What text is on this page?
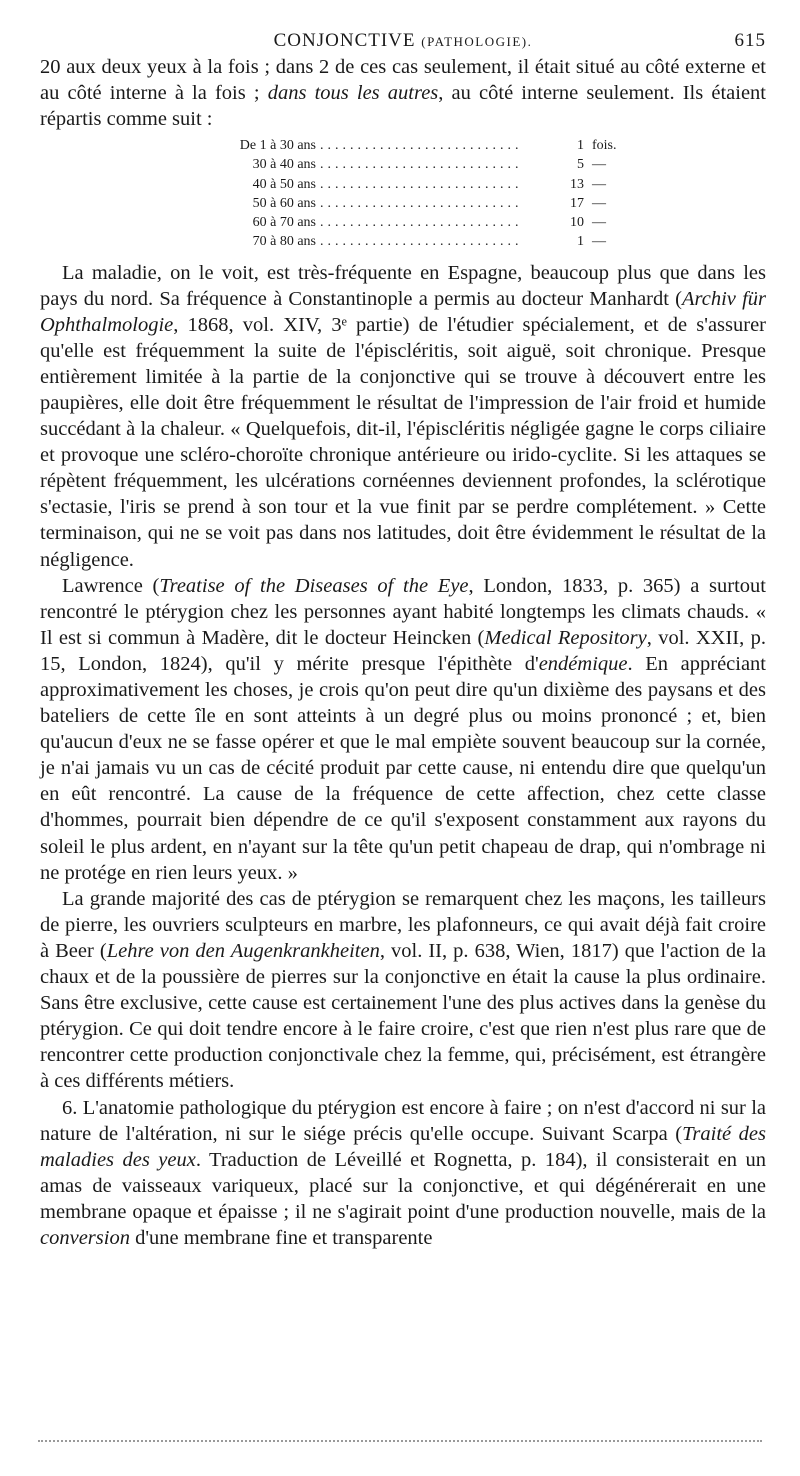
CONJONCTIVE (PATHOLOGIE).	615

20 aux deux yeux à la fois ; dans 2 de ces cas seulement, il était situé au côté externe et au côté interne à la fois ; dans tous les autres, au côté interne seulement. Ils étaient répartis comme suit :

De 1 à 30 ans ...........................	1 fois.
30 à 40 ans ...........................	5 —
40 à 50 ans ...........................	13 —
50 à 60 ans ...........................	17 —
60 à 70 ans ...........................	10 —
70 à 80 ans ...........................	1 —

La maladie, on le voit, est très-fréquente en Espagne, beaucoup plus que dans les pays du nord. Sa fréquence à Constantinople a permis au docteur Manhardt (Archiv für Ophthalmologie, 1868, vol. XIV, 3ᵉ partie) de l'étudier spécialement, et de s'assurer qu'elle est fréquemment la suite de l'épiscléritis, soit aiguë, soit chronique. Presque entièrement limitée à la partie de la conjonctive qui se trouve à découvert entre les paupières, elle doit être fréquemment le résultat de l'impression de l'air froid et humide succédant à la chaleur. « Quelquefois, dit-il, l'épiscléritis négligée gagne le corps ciliaire et provoque une scléro-choroïte chronique antérieure ou irido-cyclite. Si les attaques se répètent fréquemment, les ulcérations cornéennes deviennent profondes, la sclérotique s'ectasie, l'iris se prend à son tour et la vue finit par se perdre complétement. » Cette terminaison, qui ne se voit pas dans nos latitudes, doit être évidemment le résultat de la négligence.

Lawrence (Treatise of the Diseases of the Eye, London, 1833, p. 365) a surtout rencontré le ptérygion chez les personnes ayant habité longtemps les climats chauds. « Il est si commun à Madère, dit le docteur Heincken (Medical Repository, vol. XXII, p. 15, London, 1824), qu'il y mérite presque l'épithète d'endémique. En appréciant approximativement les choses, je crois qu'on peut dire qu'un dixième des paysans et des bateliers de cette île en sont atteints à un degré plus ou moins prononcé ; et, bien qu'aucun d'eux ne se fasse opérer et que le mal empiète souvent beaucoup sur la cornée, je n'ai jamais vu un cas de cécité produit par cette cause, ni entendu dire que quelqu'un en eût rencontré. La cause de la fréquence de cette affection, chez cette classe d'hommes, pourrait bien dépendre de ce qu'il s'exposent constamment aux rayons du soleil le plus ardent, en n'ayant sur la tête qu'un petit chapeau de drap, qui n'ombrage ni ne protége en rien leurs yeux. »

La grande majorité des cas de ptérygion se remarquent chez les maçons, les tailleurs de pierre, les ouvriers sculpteurs en marbre, les plafonneurs, ce qui avait déjà fait croire à Beer (Lehre von den Augenkrankheiten, vol. II, p. 638, Wien, 1817) que l'action de la chaux et de la poussière de pierres sur la conjonctive en était la cause la plus ordinaire. Sans être exclusive, cette cause est certainement l'une des plus actives dans la genèse du ptérygion. Ce qui doit tendre encore à le faire croire, c'est que rien n'est plus rare que de rencontrer cette production conjonctivale chez la femme, qui, précisément, est étrangère à ces différents métiers.

6. L'anatomie pathologique du ptérygion est encore à faire ; on n'est d'accord ni sur la nature de l'altération, ni sur le siége précis qu'elle occupe. Suivant Scarpa (Traité des maladies des yeux. Traduction de Léveillé et Rognetta, p. 184), il consisterait en un amas de vaisseaux variqueux, placé sur la conjonctive, et qui dégénérerait en une membrane opaque et épaisse ; il ne s'agirait point d'une production nouvelle, mais de la conversion d'une membrane fine et transparente
